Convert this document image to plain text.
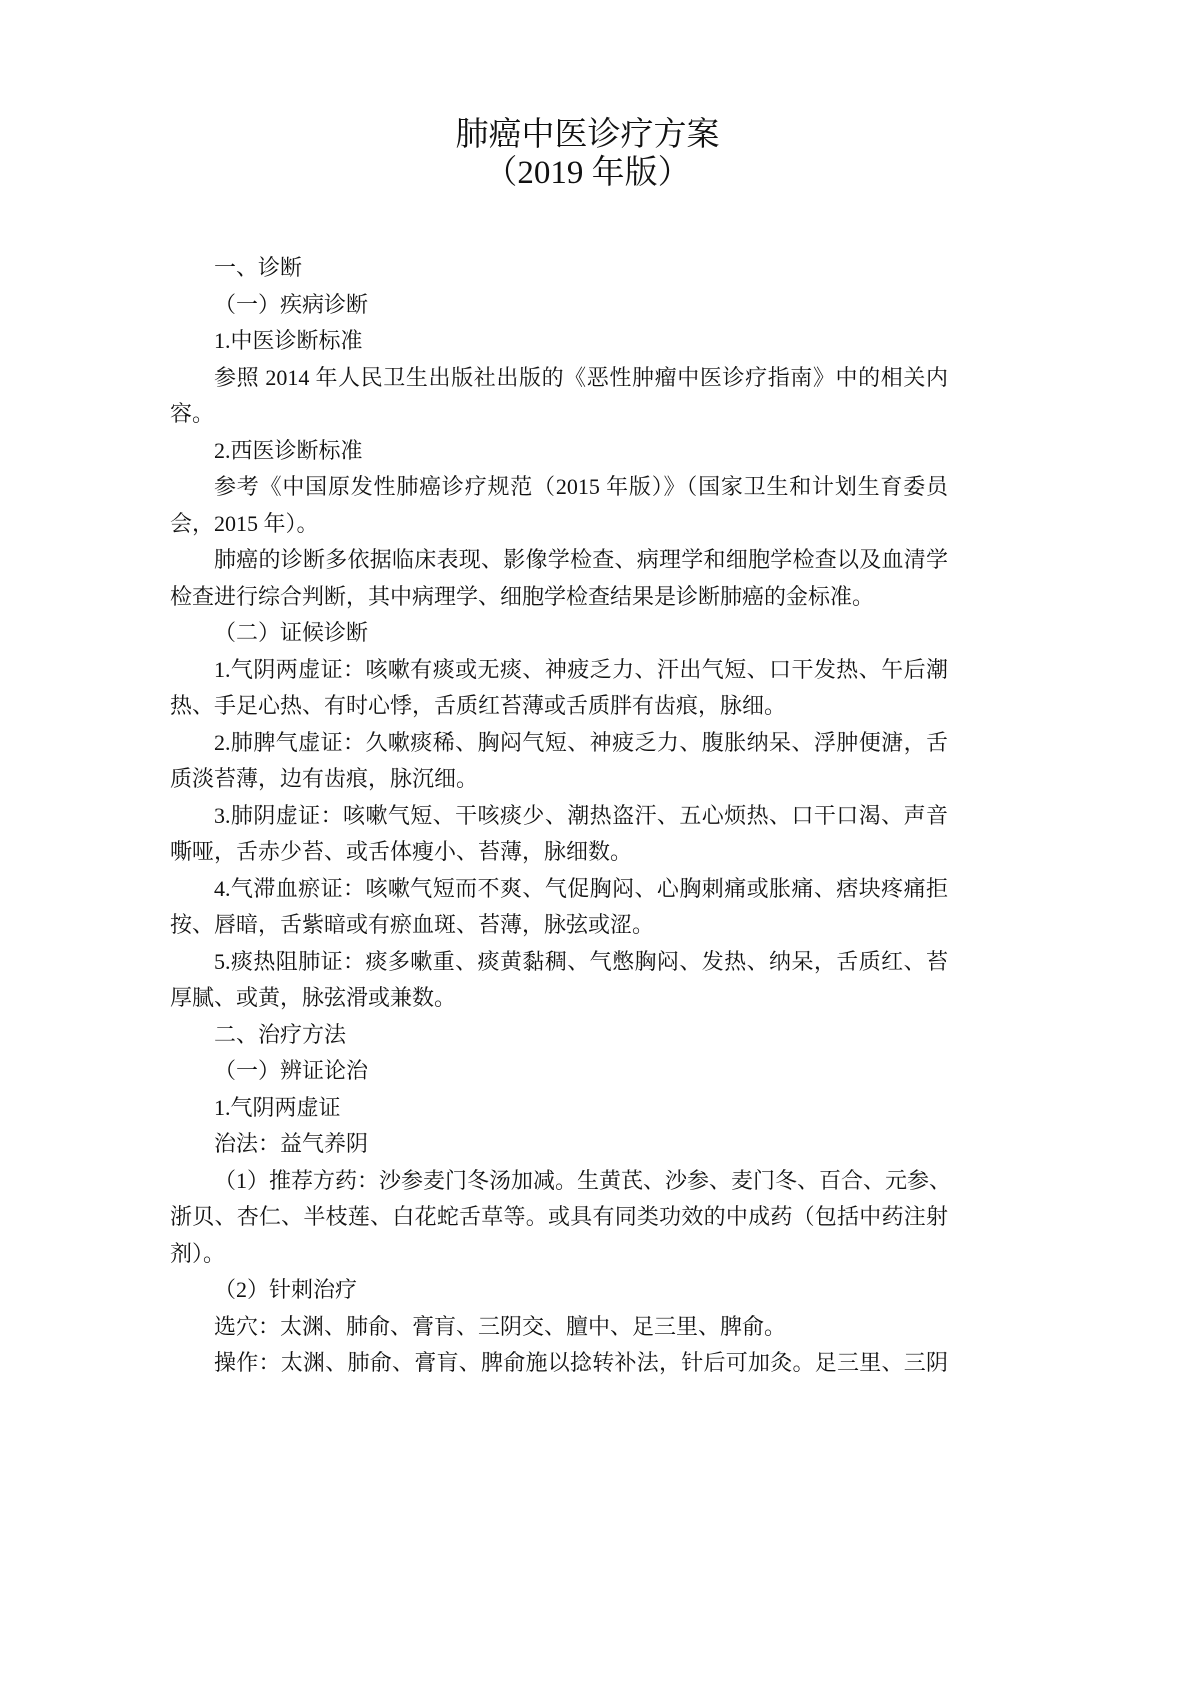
肺癌中医诊疗方案
（2019 年版）
一、诊断
（一）疾病诊断
1.中医诊断标准
参照 2014 年人民卫生出版社出版的《恶性肿瘤中医诊疗指南》中的相关内
容。
2.西医诊断标准
参考《中国原发性肺癌诊疗规范（2015 年版）》（国家卫生和计划生育委员
会，2015 年）。
肺癌的诊断多依据临床表现、影像学检查、病理学和细胞学检查以及血清学
检查进行综合判断，其中病理学、细胞学检查结果是诊断肺癌的金标准。
（二）证候诊断
1.气阴两虚证：咳嗽有痰或无痰、神疲乏力、汗出气短、口干发热、午后潮
热、手足心热、有时心悸，舌质红苔薄或舌质胖有齿痕，脉细。
2.肺脾气虚证：久嗽痰稀、胸闷气短、神疲乏力、腹胀纳呆、浮肿便溏，舌
质淡苔薄，边有齿痕，脉沉细。
3.肺阴虚证：咳嗽气短、干咳痰少、潮热盗汗、五心烦热、口干口渴、声音
嘶哑，舌赤少苔、或舌体瘦小、苔薄，脉细数。
4.气滞血瘀证：咳嗽气短而不爽、气促胸闷、心胸刺痛或胀痛、痞块疼痛拒
按、唇暗，舌紫暗或有瘀血斑、苔薄，脉弦或涩。
5.痰热阻肺证：痰多嗽重、痰黄黏稠、气憋胸闷、发热、纳呆，舌质红、苔
厚腻、或黄，脉弦滑或兼数。
二、治疗方法
（一）辨证论治
1.气阴两虚证
治法：益气养阴
（1）推荐方药：沙参麦门冬汤加减。生黄芪、沙参、麦门冬、百合、元参、
浙贝、杏仁、半枝莲、白花蛇舌草等。或具有同类功效的中成药（包括中药注射
剂）。
（2）针刺治疗
选穴：太渊、肺俞、膏肓、三阴交、膻中、足三里、脾俞。
操作：太渊、肺俞、膏肓、脾俞施以捻转补法，针后可加灸。足三里、三阴
